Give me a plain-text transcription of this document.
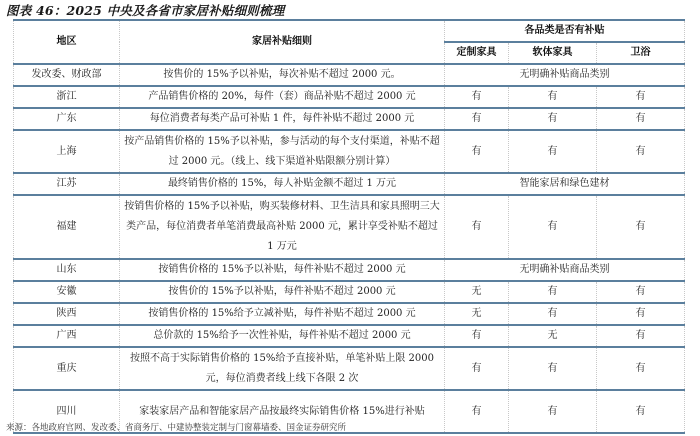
图表 46：2025 中央及各省市家居补贴细则梳理
地区	家居补贴细则	各品类是否有补贴		
		定制家具	软体家具	卫浴
发改委、财政部	按售价的 15%予以补贴，每次补贴不超过 2000 元。	无明确补贴商品类别		
浙江	产品销售价格的 20%，每件（套）商品补贴不超过 2000 元	有	有	有
广东	每位消费者每类产品可补贴 1 件，每件补贴不超过 2000 元	有	有	有
上海	按产品销售价格的 15%予以补贴，参与活动的每个支付渠道，补贴不超过 2000 元。（线上、线下渠道补贴限额分别计算）	有	有	有
江苏	最终销售价格的 15%，每人补贴金额不超过 1 万元	智能家居和绿色建材		
福建	按销售价格的 15%予以补贴，购买装修材料、卫生洁具和家具照明三大类产品，每位消费者单笔消费最高补贴 2000 元，累计享受补贴不超过 1 万元	有	有	有
山东	按销售价格的 15%予以补贴，每件补贴不超过 2000 元	无明确补贴商品类别		
安徽	按售价的 15%予以补贴，每件补贴不超过 2000 元	无	有	有
陕西	按销售价格的 15%给予立减补贴，每件补贴不超过 2000 元	无	有	有
广西	总价款的 15%给予一次性补贴，每件补贴不超过 2000 元	有	无	有
重庆	按照不高于实际销售价格的 15%给予直接补贴，单笔补贴上限 2000 元，每位消费者线上线下各限 2 次	有	有	有
四川	家装家居产品和智能家居产品按最终实际销售价格 15%进行补贴	有	有	有
来源：各地政府官网、发改委、省商务厅、中建协整装定制与门窗幕墙委、国金证券研究所
